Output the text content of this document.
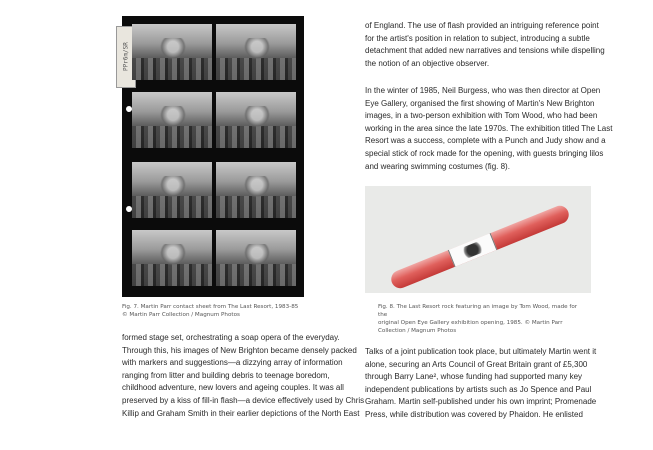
PPr6m/SR
Fig. 7. Martin Parr contact sheet from The Last Resort, 1983-85
© Martin Parr Collection / Magnum Photos
of England. The use of flash provided an intriguing reference point
for the artist's position in relation to subject, introducing a subtle
detachment that added new narratives and tensions while dispelling
the notion of an objective observer.
In the winter of 1985, Neil Burgess, who was then director at Open
Eye Gallery, organised the first showing of Martin's New Brighton
images, in a two-person exhibition with Tom Wood, who had been
working in the area since the late 1970s. The exhibition titled The Last
Resort was a success, complete with a Punch and Judy show and a
special stick of rock made for the opening, with guests bringing lilos
and wearing swimming costumes (fig. 8).
Fig. 8. The Last Resort rock featuring an image by Tom Wood, made for the
original Open Eye Gallery exhibition opening, 1985. © Martin Parr
Collection / Magnum Photos
formed stage set, orchestrating a soap opera of the everyday.
Through this, his images of New Brighton became densely packed
with markers and suggestions—a dizzying array of information
ranging from litter and building debris to teenage boredom,
childhood adventure, new lovers and ageing couples. It was all
preserved by a kiss of fill-in flash—a device effectively used by Chris
Killip and Graham Smith in their earlier depictions of the North East
Talks of a joint publication took place, but ultimately Martin went it
alone, securing an Arts Council of Great Britain grant of £5,300
through Barry Lane², whose funding had supported many key
independent publications by artists such as Jo Spence and Paul
Graham. Martin self-published under his own imprint; Promenade
Press, while distribution was covered by Phaidon. He enlisted
